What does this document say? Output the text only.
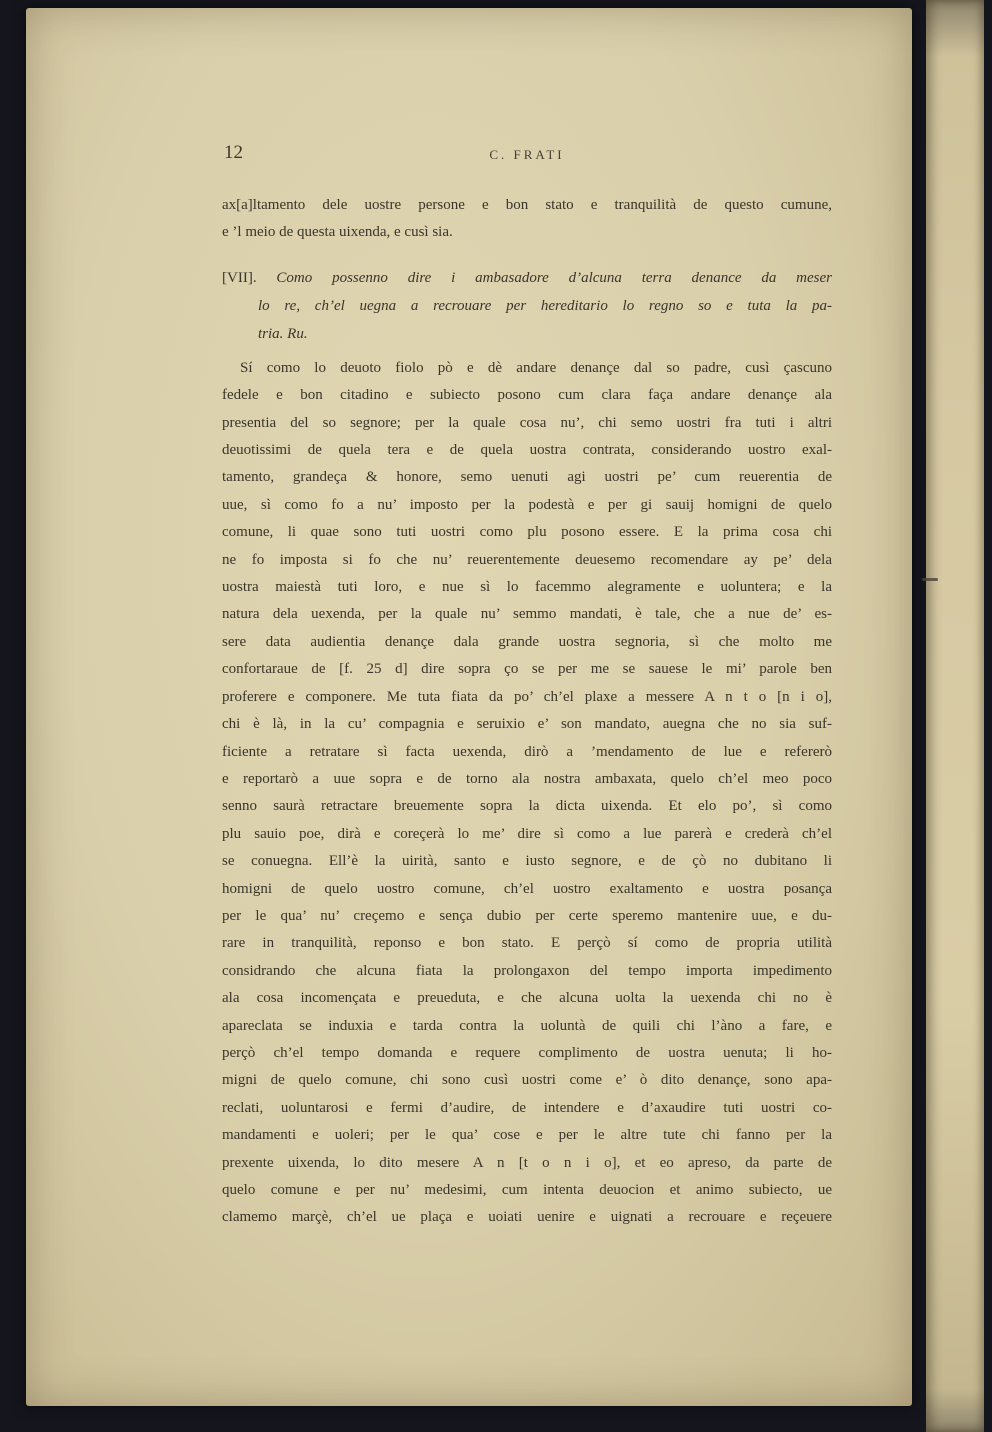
12	C. FRATI
ax[a]ltamento dele uostre persone e bon stato e tranquilità de questo cumune,
e ’l meio de questa uixenda, e cusì sia.
[VII]. Como possenno dire i ambasadore d’alcuna terra denance da meser
lo re, ch’el uegna a recrouare per hereditario lo regno so e tuta la pa-
tria. Ru.
Sí como lo deuoto fiolo pò e dè andare denançe dal so padre, cusì çascuno
fedele e bon citadino e subiecto posono cum clara faça andare denançe ala
presentia del so segnore; per la quale cosa nu’, chi semo uostri fra tuti i altri
deuotissimi de quela tera e de quela uostra contrata, considerando uostro exal-
tamento, grandeça & honore, semo uenuti agi uostri pe’ cum reuerentia de
uue, sì como fo a nu’ imposto per la podestà e per gi sauij homigni de quelo
comune, li quae sono tuti uostri como plu posono essere. E la prima cosa chi
ne fo imposta si fo che nu’ reuerentemente deuesemo recomendare ay pe’ dela
uostra maiestà tuti loro, e nue sì lo facemmo alegramente e uoluntera; e la
natura dela uexenda, per la quale nu’ semmo mandati, è tale, che a nue de’ es-
sere data audientia denançe dala grande uostra segnoria, sì che molto me
confortaraue de [f. 25 d] dire sopra ço se per me se sauese le mi’ parole ben
proferere e componere. Me tuta fiata da po’ ch’el plaxe a messere A n t o [n i o],
chi è là, in la cu’ compagnia e seruixio e’ son mandato, auegna che no sia suf-
ficiente a retratare sì facta uexenda, dirò a ’mendamento de lue e refererò
e reportarò a uue sopra e de torno ala nostra ambaxata, quelo ch’el meo poco
senno saurà retractare breuemente sopra la dicta uixenda. Et elo po’, sì como
plu sauio poe, dirà e coreçerà lo me’ dire sì como a lue parerà e crederà ch’el
se conuegna. Ell’è la uirità, santo e iusto segnore, e de çò no dubitano li
homigni de quelo uostro comune, ch’el uostro exaltamento e uostra posança
per le qua’ nu’ creçemo e sença dubio per certe speremo mantenire uue, e du-
rare in tranquilità, reponso e bon stato. E perçò sí como de propria utilità
considrando che alcuna fiata la prolongaxon del tempo importa impedimento
ala cosa incomençata e preueduta, e che alcuna uolta la uexenda chi no è
apareclata se induxia e tarda contra la uoluntà de quili chi l’àno a fare, e
perçò ch’el tempo domanda e requere complimento de uostra uenuta; li ho-
migni de quelo comune, chi sono cusì uostri come e’ ò dito denançe, sono apa-
reclati, uoluntarosi e fermi d’audire, de intendere e d’axaudire tuti uostri co-
mandamenti e uoleri; per le qua’ cose e per le altre tute chi fanno per la
prexente uixenda, lo dito mesere A n [t o n i o], et eo apreso, da parte de
quelo comune e per nu’ medesimi, cum intenta deuocion et animo subiecto, ue
clamemo marçè, ch’el ue plaça e uoiati uenire e uignati a recrouare e reçeuere
